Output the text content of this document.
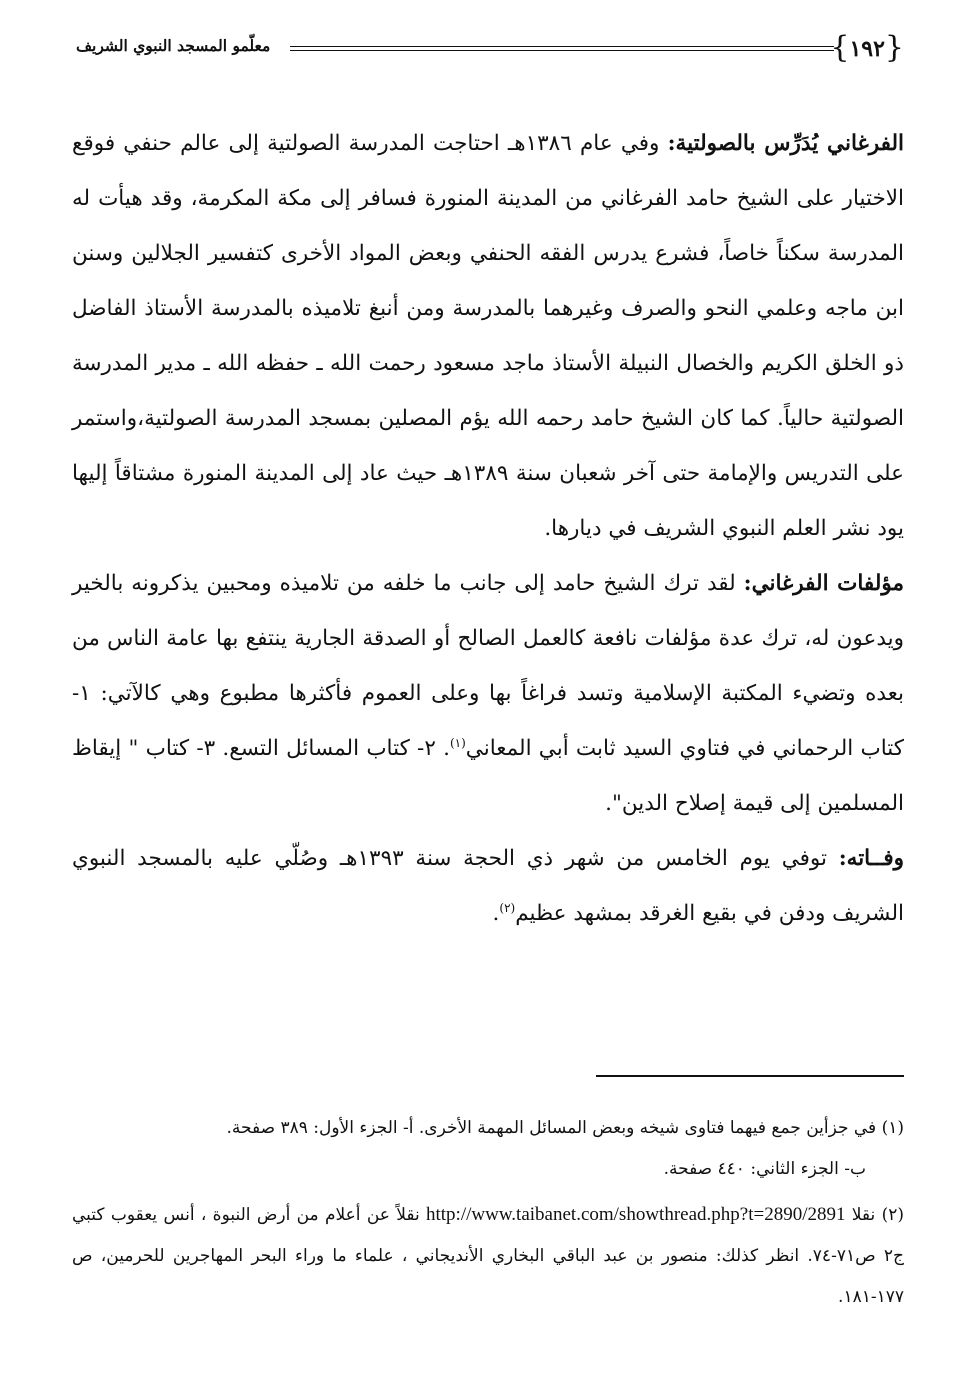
{١٩٢}
معلّمو المسجد النبوي الشريف

الفرغاني يُدَرِّس بالصولتية: وفي عام ١٣٨٦هـ احتاجت المدرسة الصولتية إلى عالم حنفي فوقع الاختيار على الشيخ حامد الفرغاني من المدينة المنورة فسافر إلى مكة المكرمة، وقد هيأت له المدرسة سكناً خاصاً، فشرع يدرس الفقه الحنفي وبعض المواد الأخرى كتفسير الجلالين وسنن ابن ماجه وعلمي النحو والصرف وغيرهما بالمدرسة ومن أنبغ تلاميذه بالمدرسة الأستاذ الفاضل ذو الخلق الكريم والخصال النبيلة الأستاذ ماجد مسعود رحمت الله ـ حفظه الله ـ مدير المدرسة الصولتية حالياً. كما كان الشيخ حامد رحمه الله يؤم المصلين بمسجد المدرسة الصولتية،واستمر على التدريس والإمامة حتى آخر شعبان سنة ١٣٨٩هـ حيث عاد إلى المدينة المنورة مشتاقاً إليها يود نشر العلم النبوي الشريف في ديارها.

مؤلفات الفرغاني: لقد ترك الشيخ حامد إلى جانب ما خلفه من تلاميذه ومحبين يذكرونه بالخير ويدعون له، ترك عدة مؤلفات نافعة كالعمل الصالح أو الصدقة الجارية ينتفع بها عامة الناس من بعده وتضيء المكتبة الإسلامية وتسد فراغاً بها وعلى العموم فأكثرها مطبوع وهي كالآتي: ١- كتاب الرحماني في فتاوي السيد ثابت أبي المعاني$^{(١)}$. ٢- كتاب المسائل التسع. ٣- كتاب " إيقاظ المسلمين إلى قيمة إصلاح الدين".

وفــاته: توفي يوم الخامس من شهر ذي الحجة سنة ١٣٩٣هـ وصُلّي عليه بالمسجد النبوي الشريف ودفن في بقيع الغرقد بمشهد عظيم$^{(٢)}$.

(١) في جزأين جمع فيهما فتاوى شيخه وبعض المسائل المهمة الأخرى. أ- الجزء الأول: ٣٨٩ صفحة.

ب- الجزء الثاني: ٤٤٠ صفحة.

(٢) نقلا http://www.taibanet.com/showthread.php?t=2890/2891 نقلاً عن أعلام من أرض النبوة ، أنس يعقوب كتبي ج٢ ص٧١-٧٤. انظر كذلك: منصور بن عبد الباقي البخاري الأنديجاني ، علماء ما وراء البحر المهاجرين للحرمين، ص ١٧٧-١٨١.
